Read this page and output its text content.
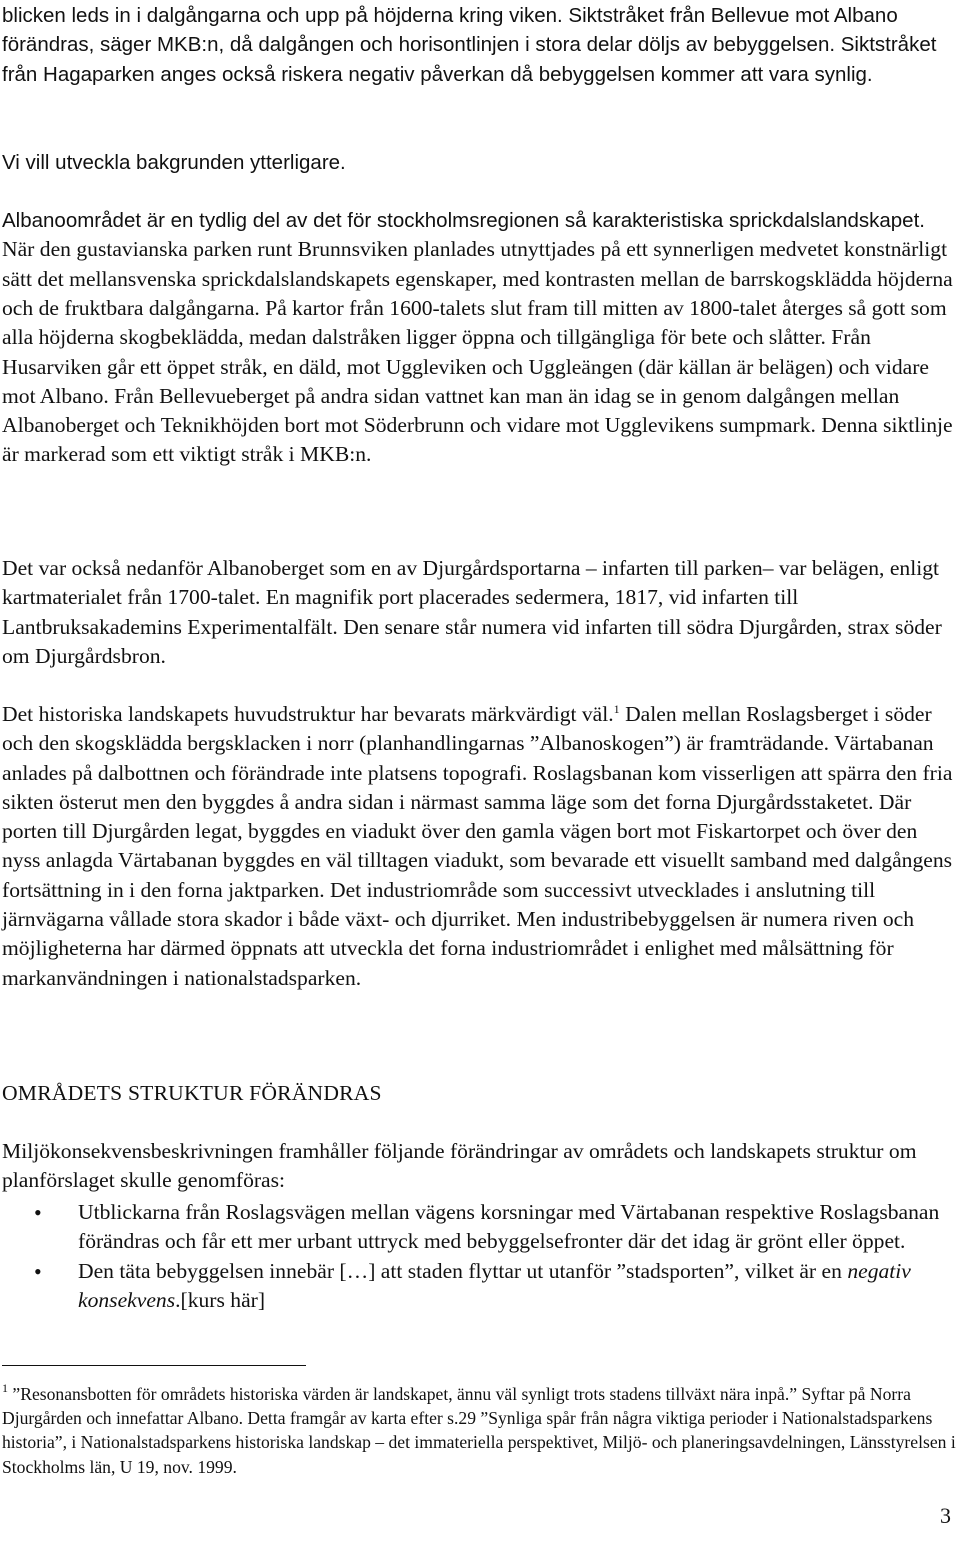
blicken leds in i dalgångarna och upp på höjderna kring viken. Siktstråket från Bellevue mot Albano förändras, säger MKB:n, då dalgången och horisontlinjen i stora delar döljs av bebyggelsen. Siktstråket från Hagaparken anges också riskera negativ påverkan då bebyggelsen kommer att vara synlig.

Vi vill utveckla bakgrunden ytterligare.

Albanoområdet är en tydlig del av det för stockholmsregionen så karakteristiska sprickdalslandskapet. När den gustavianska parken runt Brunnsviken planlades utnyttjades på ett synnerligen medvetet konstnärligt sätt det mellansvenska sprickdalslandskapets egenskaper, med kontrasten mellan de barrskogsklädda höjderna och de fruktbara dalgångarna. På kartor från 1600-talets slut fram till mitten av 1800-talet återges så gott som alla höjderna skogbeklädda, medan dalstråken ligger öppna och tillgängliga för bete och slåtter. Från Husarviken går ett öppet stråk, en däld, mot Uggleviken och Uggleängen (där källan är belägen) och vidare mot Albano. Från Bellevueberget på andra sidan vattnet kan man än idag se in genom dalgången mellan Albanoberget och Teknikhöjden bort mot Söderbrunn och vidare mot Ugglevikens sumpmark. Denna siktlinje är markerad som ett viktigt stråk i MKB:n.

Det var också nedanför Albanoberget som en av Djurgårdsportarna – infarten till parken– var belägen, enligt kartmaterialet från 1700-talet. En magnifik port placerades sedermera, 1817, vid infarten till Lantbruksakademins Experimentalfält. Den senare står numera vid infarten till södra Djurgården, strax söder om Djurgårdsbron.

Det historiska landskapets huvudstruktur har bevarats märkvärdigt väl.$^1$ Dalen mellan Roslagsberget i söder och den skogsklädda bergsklacken i norr (planhandlingarnas ”Albanoskogen”) är framträdande. Värtabanan anlades på dalbottnen och förändrade inte platsens topografi. Roslagsbanan kom visserligen att spärra den fria sikten österut men den byggdes å andra sidan i närmast samma läge som det forna Djurgårdsstaketet. Där porten till Djurgården legat, byggdes en viadukt över den gamla vägen bort mot Fiskartorpet och över den nyss anlagda Värtabanan byggdes en väl tilltagen viadukt, som bevarade ett visuellt samband med dalgångens fortsättning in i den forna jaktparken. Det industriområde som successivt utvecklades i anslutning till järnvägarna vållade stora skador i både växt- och djurriket. Men industribebyggelsen är numera riven och möjligheterna har därmed öppnats att utveckla det forna industriområdet i enlighet med målsättning för markanvändningen i nationalstadsparken.

OMRÅDETS STRUKTUR FÖRÄNDRAS

Miljökonsekvensbeskrivningen framhåller följande förändringar av områdets och landskapets struktur om planförslaget skulle genomföras:

• Utblickarna från Roslagsvägen mellan vägens korsningar med Värtabanan respektive Roslagsbanan förändras och får ett mer urbant uttryck med bebyggelsefronter där det idag är grönt eller öppet.
• Den täta bebyggelsen innebär […] att staden flyttar ut utanför ”stadsporten”, vilket är en negativ konsekvens.[kurs här]

$^1$ ”Resonansbotten för områdets historiska värden är landskapet, ännu väl synligt trots stadens tillväxt nära inpå.” Syftar på Norra Djurgården och innefattar Albano. Detta framgår av karta efter s.29 ”Synliga spår från några viktiga perioder i Nationalstadsparkens historia”, i Nationalstadsparkens historiska landskap – det immateriella perspektivet, Miljö- och planeringsavdelningen, Länsstyrelsen i Stockholms län, U 19, nov. 1999.

3
